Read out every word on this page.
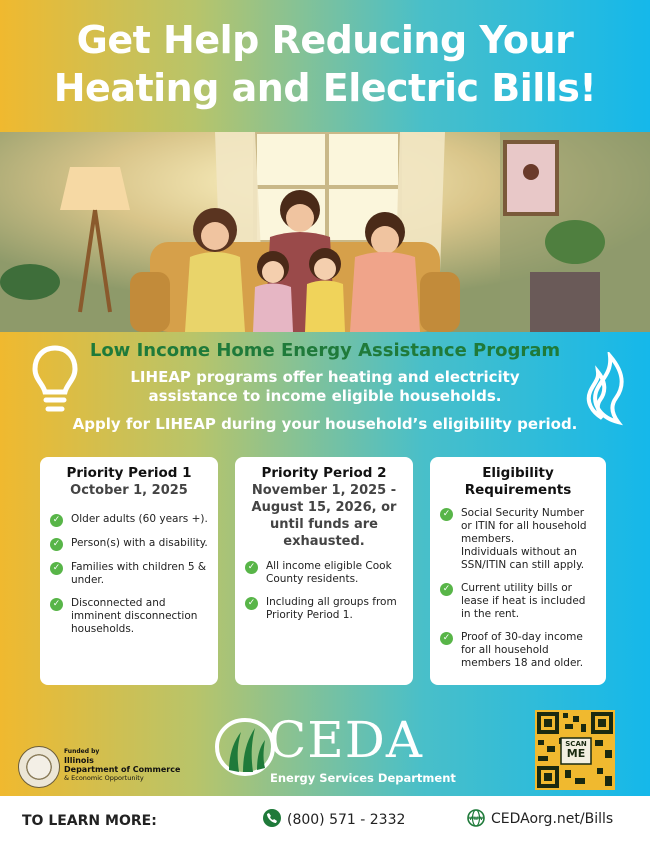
Get Help Reducing Your
Heating and Electric Bills!
Low Income Home Energy Assistance Program
LIHEAP programs offer heating and electricity assistance to income eligible households.
Apply for LIHEAP during your household’s eligibility period.
Priority Period 1
October 1, 2025
✓ Older adults (60 years +).
✓ Person(s) with a disability.
✓ Families with children 5 & under.
✓ Disconnected and imminent disconnection households.
Priority Period 2
November 1, 2025 - August 15, 2026, or until funds are exhausted.
✓ All income eligible Cook County residents.
✓ Including all groups from Priority Period 1.
Eligibility Requirements
✓ Social Security Number or ITIN for all household members.
Individuals without an SSN/ITIN can still apply.
✓ Current utility bills or lease if heat is included in the rent.
✓ Proof of 30-day income for all household members 18 and older.
Funded by
Illinois
Department of Commerce
& Economic Opportunity
CEDA
Energy Services Department
SCAN
ME
TO LEARN MORE:	(800) 571 - 2332	WWW CEDAorg.net/Bills
